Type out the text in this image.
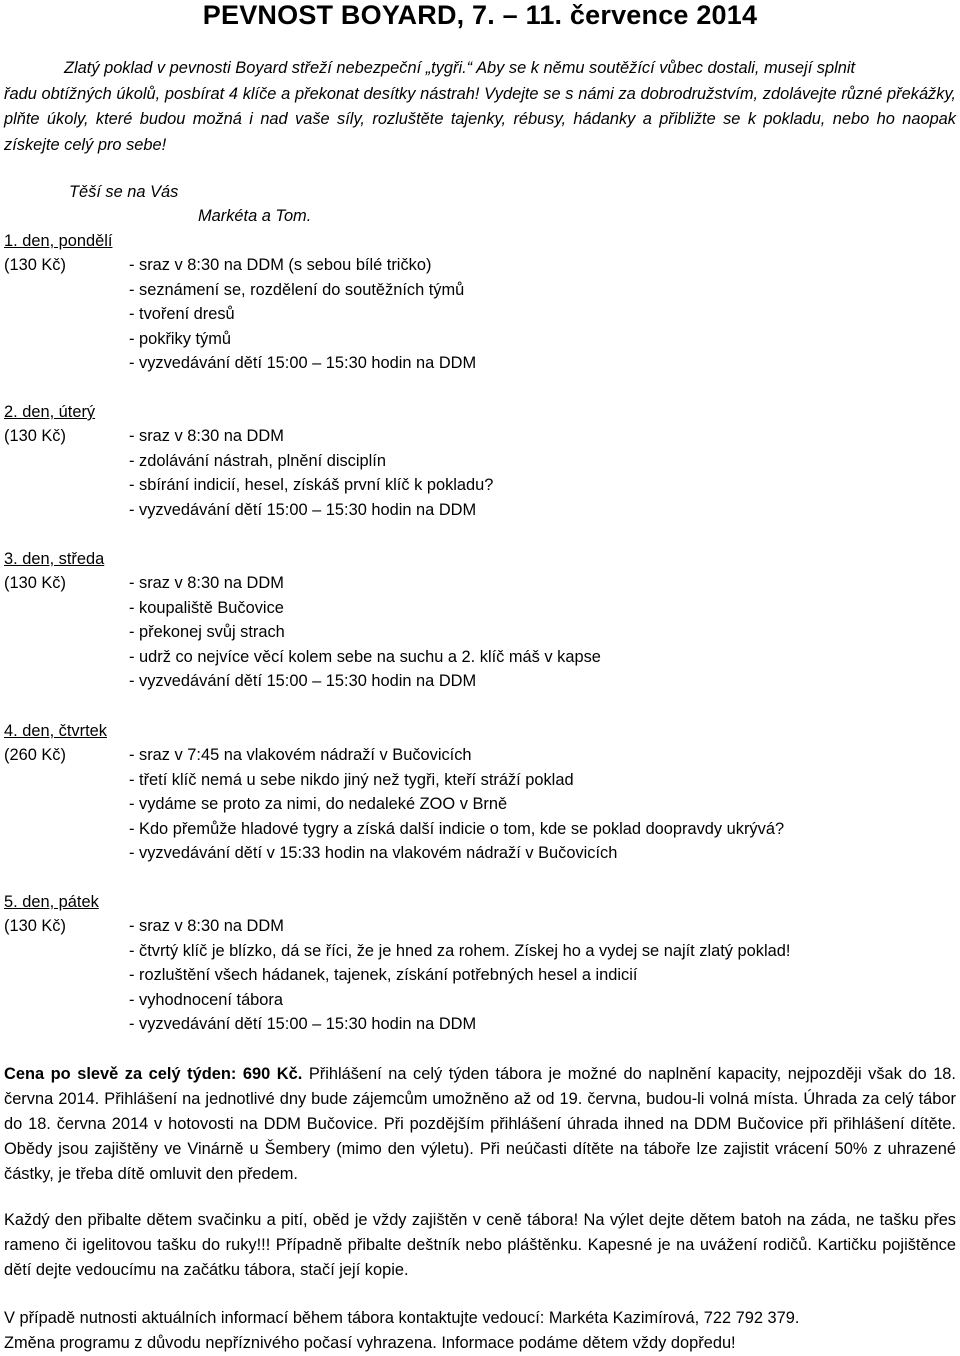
PEVNOST BOYARD, 7. – 11. července 2014
Zlatý poklad v pevnosti Boyard střeží nebezpeční „tygři.“ Aby se k němu soutěžící vůbec dostali, musejí splnit
řadu obtížných úkolů, posbírat 4 klíče a překonat desítky nástrah! Vydejte se s námi za dobrodružstvím, zdolávejte různé překážky, plňte úkoly, které budou možná i nad vaše síly, rozluštěte tajenky, rébusy, hádanky a přibližte se k pokladu, nebo ho naopak získejte celý pro sebe!
Těší se na Vás
Markéta a Tom.
1. den, pondělí
(130 Kč)	- sraz v 8:30 na DDM (s sebou bílé tričko)
- seznámení se, rozdělení do soutěžních týmů
- tvoření dresů
- pokřiky týmů
- vyzvedávání dětí 15:00 – 15:30 hodin na DDM
2. den, úterý
(130 Kč)	- sraz v 8:30 na DDM
- zdolávání nástrah, plnění disciplín
- sbírání indicií, hesel, získáš první klíč k pokladu?
- vyzvedávání dětí 15:00 – 15:30 hodin na DDM
3. den, středa
(130 Kč)	- sraz v 8:30 na DDM
- koupaliště Bučovice
- překonej svůj strach
- udrž co nejvíce věcí kolem sebe na suchu a 2. klíč máš v kapse
- vyzvedávání dětí 15:00 – 15:30 hodin na DDM
4. den, čtvrtek
(260 Kč)	- sraz v 7:45 na vlakovém nádraží v Bučovicích
- třetí klíč nemá u sebe nikdo jiný než tygři, kteří stráží poklad
- vydáme se proto za nimi, do nedaleké ZOO v Brně
- Kdo přemůže hladové tygry a získá další indicie o tom, kde se poklad doopravdy ukrývá?
- vyzvedávání dětí v 15:33 hodin na vlakovém nádraží v Bučovicích
5. den, pátek
(130 Kč)	- sraz v 8:30 na DDM
- čtvrtý klíč je blízko, dá se říci, že je hned za rohem. Získej ho a vydej se najít zlatý poklad!
- rozluštění všech hádanek, tajenek, získání potřebných hesel a indicií
- vyhodnocení tábora
- vyzvedávání dětí 15:00 – 15:30 hodin na DDM
Cena po slevě za celý týden: 690 Kč. Přihlášení na celý týden tábora je možné do naplnění kapacity, nejpozději však do 18. června 2014. Přihlášení na jednotlivé dny bude zájemcům umožněno až od 19. června, budou-li volná místa. Úhrada za celý tábor do 18. června 2014 v hotovosti na DDM Bučovice. Při pozdějším přihlášení úhrada ihned na DDM Bučovice při přihlášení dítěte. Obědy jsou zajištěny ve Vinárně u Šembery (mimo den výletu). Při neúčasti dítěte na táboře lze zajistit vrácení 50% z uhrazené částky, je třeba dítě omluvit den předem.
Každý den přibalte dětem svačinku a pití, oběd je vždy zajištěn v ceně tábora! Na výlet dejte dětem batoh na záda, ne tašku přes rameno či igelitovou tašku do ruky!!! Případně přibalte deštník nebo pláštěnku. Kapesné je na uvážení rodičů. Kartičku pojištěnce dětí dejte vedoucímu na začátku tábora, stačí její kopie.
V případě nutnosti aktuálních informací během tábora kontaktujte vedoucí: Markéta Kazimírová, 722 792 379.
Změna programu z důvodu nepříznivého počasí vyhrazena. Informace podáme dětem vždy dopředu!
